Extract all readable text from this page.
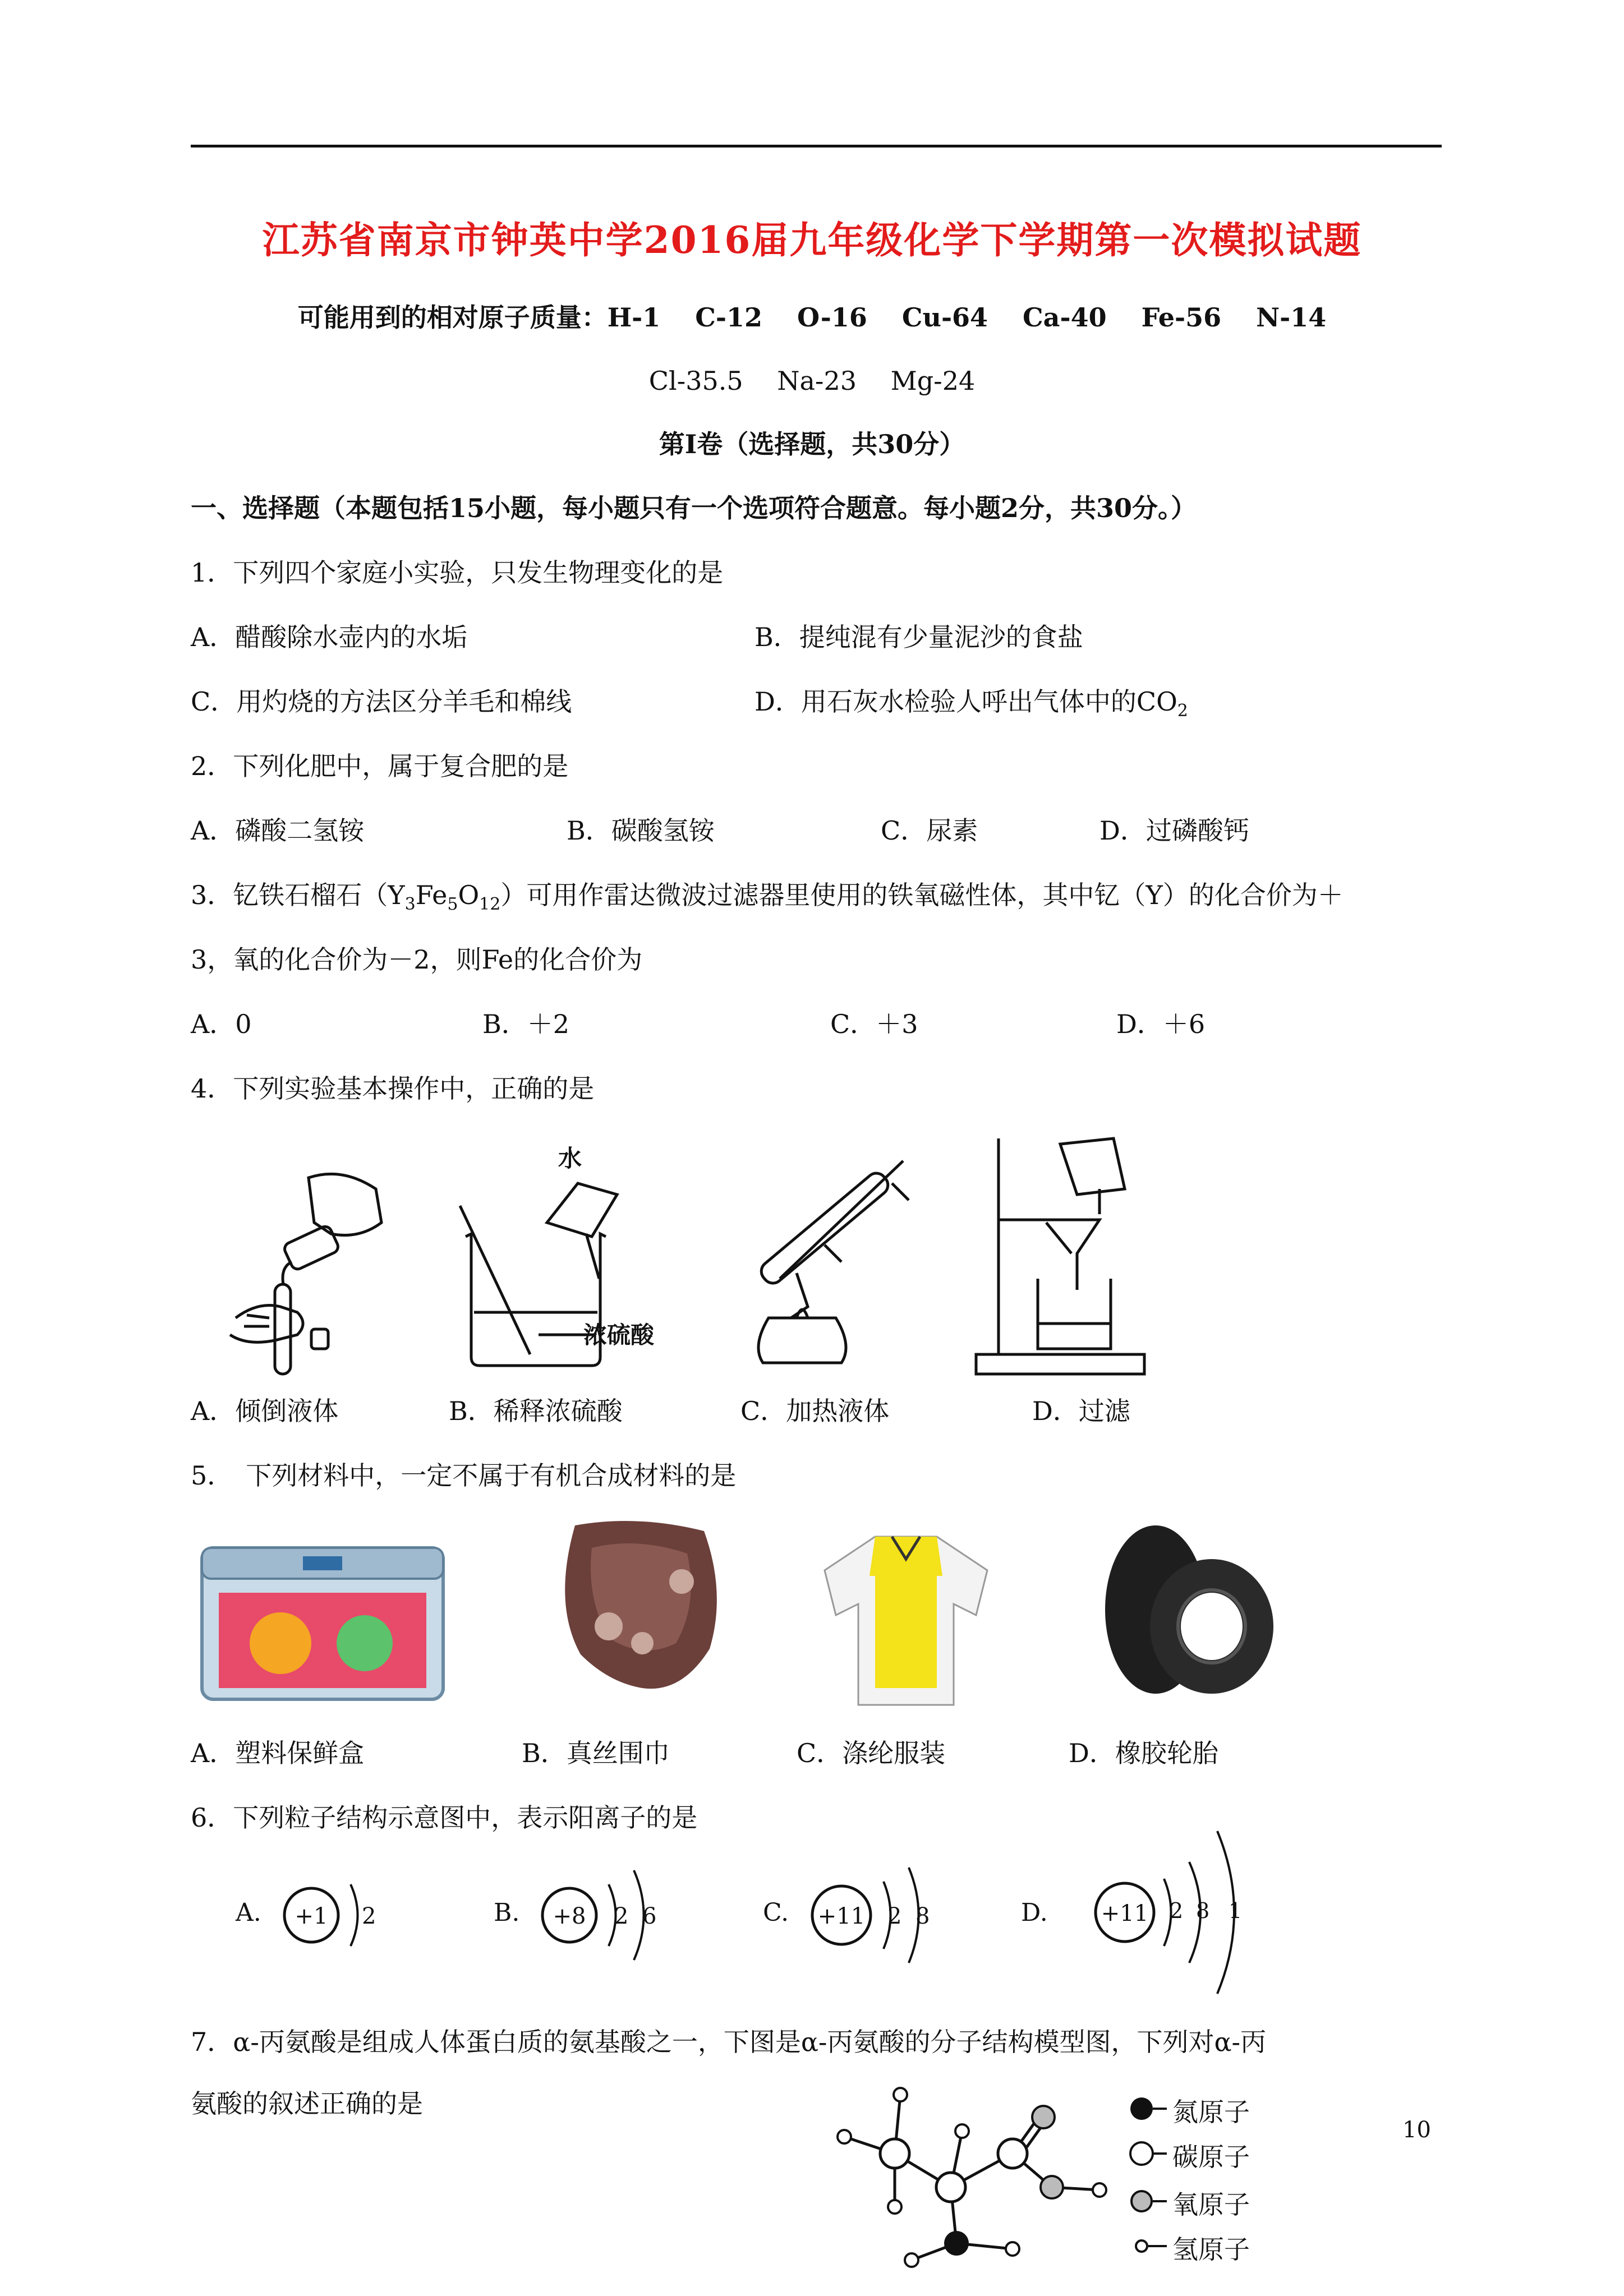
江苏省南京市钟英中学2016届九年级化学下学期第一次模拟试题
可能用到的相对原子质量：H-1　 C-12　 O-16　 Cu-64　 Ca-40　 Fe-56　 N-14
Cl-35.5　 Na-23　 Mg-24
第Ⅰ卷（选择题，共30分）
一、选择题（本题包括15小题，每小题只有一个选项符合题意。每小题2分，共30分。）
1．下列四个家庭小实验，只发生物理变化的是
A．醋酸除水壶内的水垢	B．提纯混有少量泥沙的食盐
C．用灼烧的方法区分羊毛和棉线	D．用石灰水检验人呼出气体中的$CO_2$
2．下列化肥中，属于复合肥的是
A．磷酸二氢铵	B．碳酸氢铵	C．尿素	D．过磷酸钙
3．钇铁石榴石$(Y_3Fe_5O_{12})$可用作雷达微波过滤器里使用的铁氧磁性体，其中钇（Y）的化合价为＋
3，氧的化合价为－2，则Fe的化合价为
A．0	B．＋2	C．＋3	D．＋6
4．下列实验基本操作中，正确的是
水
浓硫酸
A．倾倒液体	B．稀释浓硫酸	C．加热液体	D．过滤
5．　下列材料中，一定不属于有机合成材料的是
A．塑料保鲜盒	B．真丝围巾	C．涤纶服装	D．橡胶轮胎
6．下列粒子结构示意图中，表示阳离子的是
A. +1 2	B. +8 2 6	C. +11 2 8	D. +11 2 8 1
7．α-丙氨酸是组成人体蛋白质的氨基酸之一，下图是α-丙氨酸的分子结构模型图，下列对α-丙
氨酸的叙述正确的是	氮原子
碳原子
氧原子
氢原子
10
